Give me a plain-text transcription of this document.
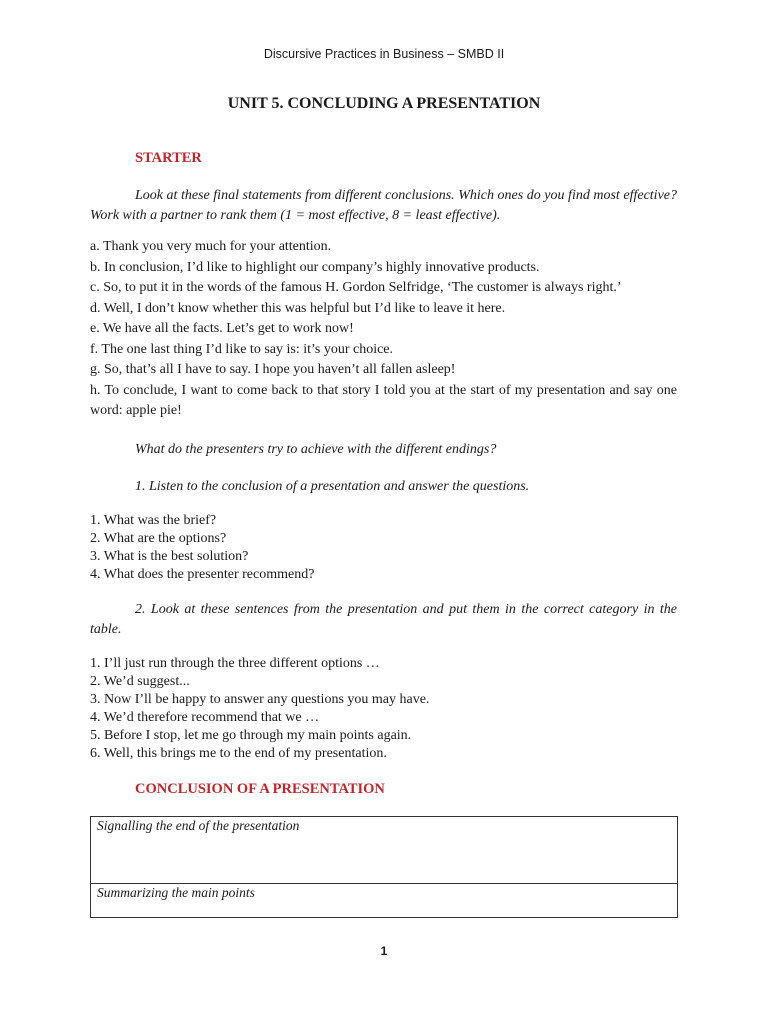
Discursive Practices in Business – SMBD II
UNIT 5. CONCLUDING A PRESENTATION
STARTER
Look at these final statements from different conclusions. Which ones do you find most effective? Work with a partner to rank them (1 = most effective, 8 = least effective).
a. Thank you very much for your attention.
b. In conclusion, I’d like to highlight our company’s highly innovative products.
c. So, to put it in the words of the famous H. Gordon Selfridge, ‘The customer is always right.’
d. Well, I don’t know whether this was helpful but I’d like to leave it here.
e. We have all the facts. Let’s get to work now!
f. The one last thing I’d like to say is: it’s your choice.
g. So, that’s all I have to say. I hope you haven’t all fallen asleep!
h. To conclude, I want to come back to that story I told you at the start of my presentation and say one word: apple pie!
What do the presenters try to achieve with the different endings?
1. Listen to the conclusion of a presentation and answer the questions.
1. What was the brief?
2. What are the options?
3. What is the best solution?
4. What does the presenter recommend?
2. Look at these sentences from the presentation and put them in the correct category in the table.
1. I’ll just run through the three different options …
2. We’d suggest...
3. Now I’ll be happy to answer any questions you may have.
4. We’d therefore recommend that we …
5. Before I stop, let me go through my main points again.
6. Well, this brings me to the end of my presentation.
CONCLUSION OF A PRESENTATION
Signalling the end of the presentation
Summarizing the main points
1
